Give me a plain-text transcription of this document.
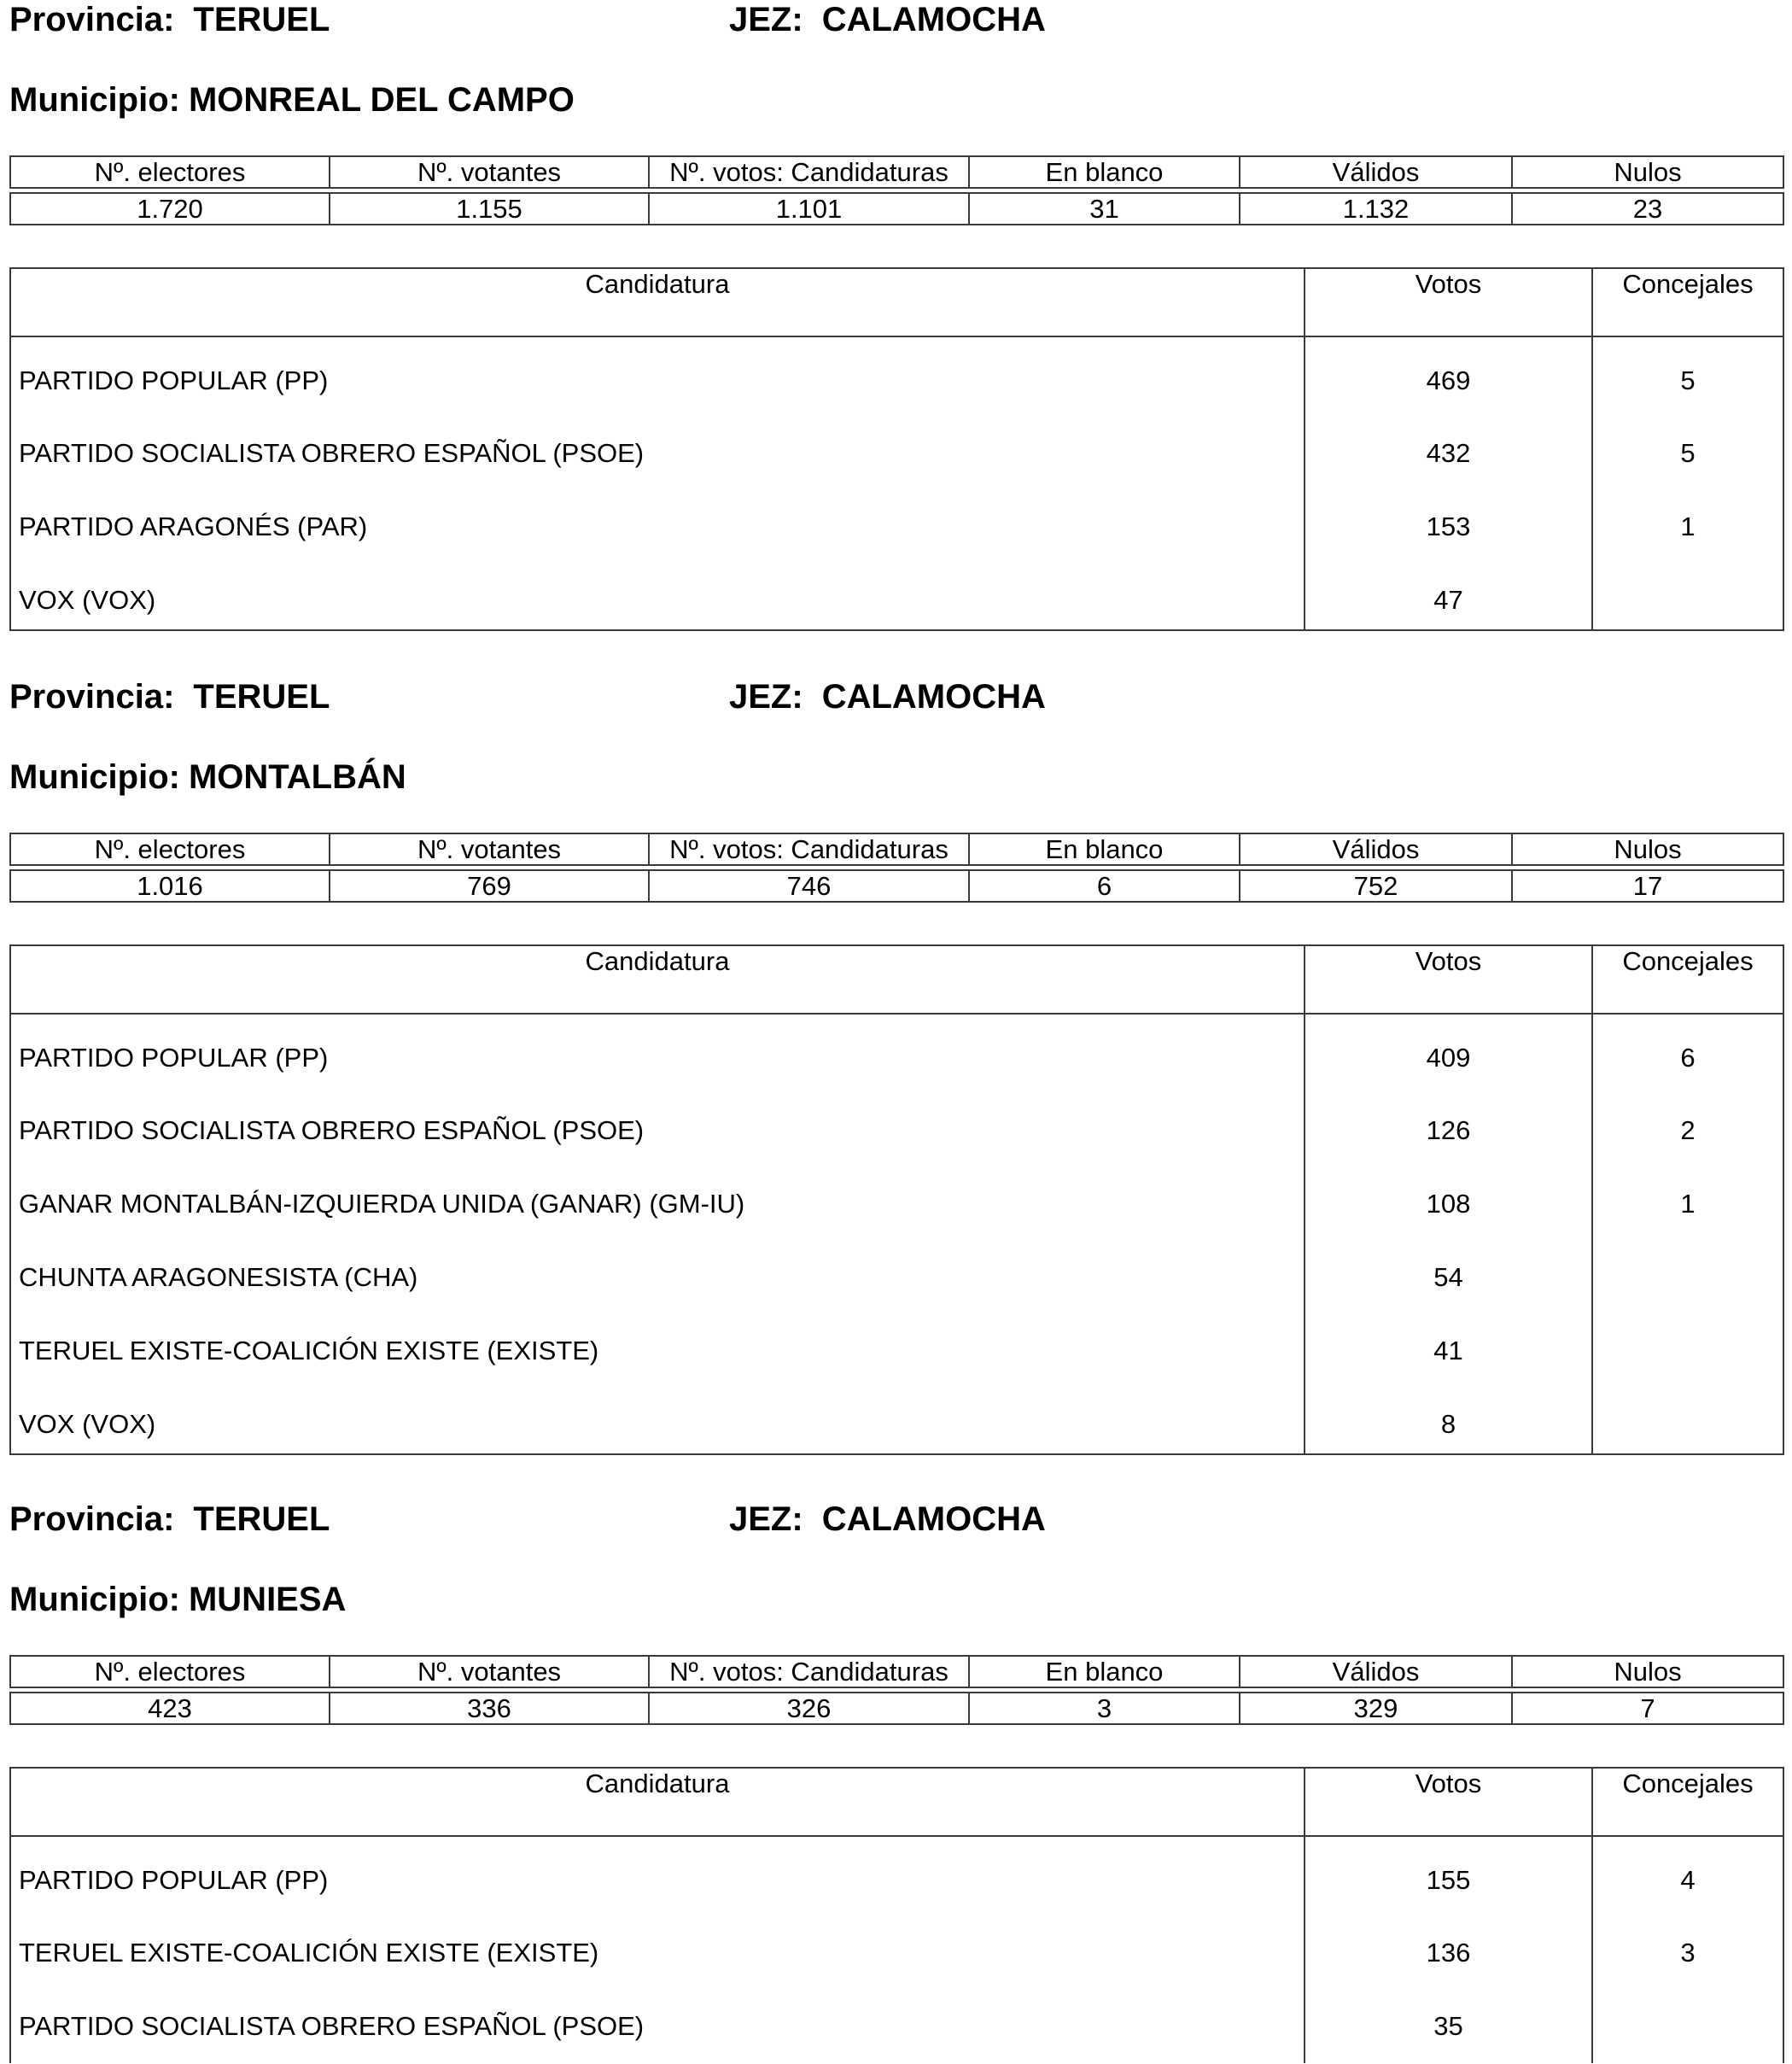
Provincia: TERUEL	JEZ: CALAMOCHA
Municipio: MONREAL DEL CAMPO
Nº. electores	Nº. votantes	Nº. votos: Candidaturas	En blanco	Válidos	Nulos
1.720	1.155	1.101	31	1.132	23
Candidatura	Votos	Concejales
PARTIDO POPULAR (PP)	469	5
PARTIDO SOCIALISTA OBRERO ESPAÑOL (PSOE)	432	5
PARTIDO ARAGONÉS (PAR)	153	1
VOX (VOX)	47	
Provincia: TERUEL	JEZ: CALAMOCHA
Municipio: MONTALBÁN
Nº. electores	Nº. votantes	Nº. votos: Candidaturas	En blanco	Válidos	Nulos
1.016	769	746	6	752	17
Candidatura	Votos	Concejales
PARTIDO POPULAR (PP)	409	6
PARTIDO SOCIALISTA OBRERO ESPAÑOL (PSOE)	126	2
GANAR MONTALBÁN-IZQUIERDA UNIDA (GANAR) (GM-IU)	108	1
CHUNTA ARAGONESISTA (CHA)	54	
TERUEL EXISTE-COALICIÓN EXISTE (EXISTE)	41	
VOX (VOX)	8	
Provincia: TERUEL	JEZ: CALAMOCHA
Municipio: MUNIESA
Nº. electores	Nº. votantes	Nº. votos: Candidaturas	En blanco	Válidos	Nulos
423	336	326	3	329	7
Candidatura	Votos	Concejales
PARTIDO POPULAR (PP)	155	4
TERUEL EXISTE-COALICIÓN EXISTE (EXISTE)	136	3
PARTIDO SOCIALISTA OBRERO ESPAÑOL (PSOE)	35	
